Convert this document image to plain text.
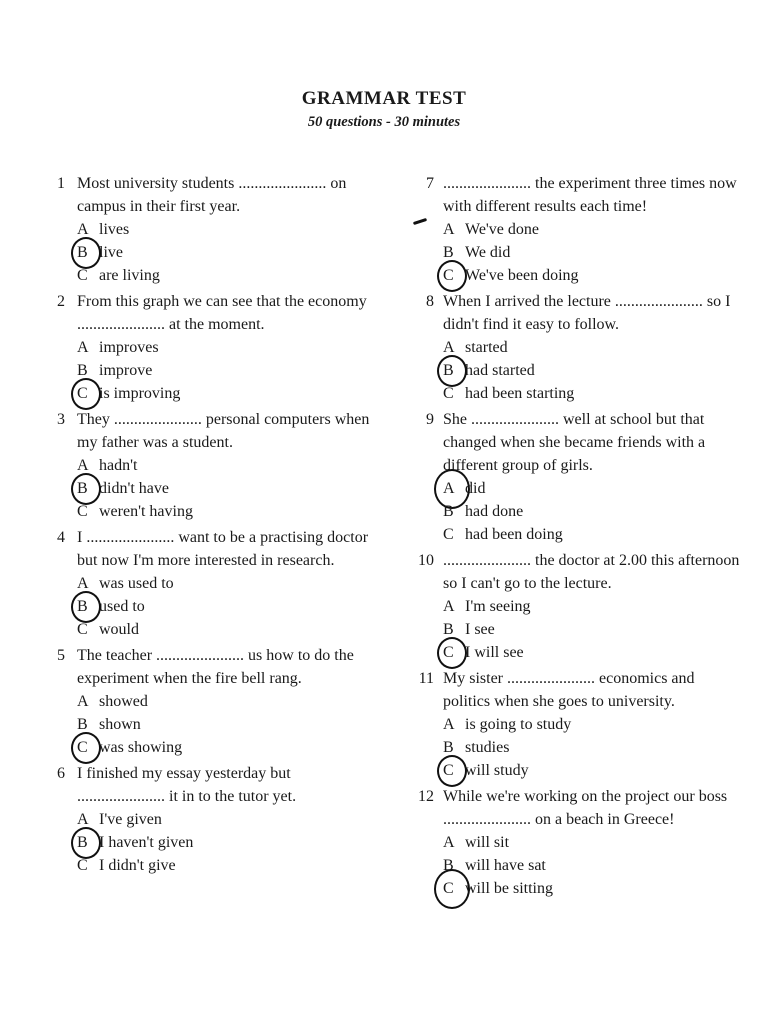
GRAMMAR TEST
50 questions - 30 minutes
1 Most university students ...................... on campus in their first year.
A lives
B live
C are living
2 From this graph we can see that the economy ...................... at the moment.
A improves
B improve
C is improving
3 They ...................... personal computers when my father was a student.
A hadn't
B didn't have
C weren't having
4 I ...................... want to be a practising doctor but now I'm more interested in research.
A was used to
B used to
C would
5 The teacher ...................... us how to do the experiment when the fire bell rang.
A showed
B shown
C was showing
6 I finished my essay yesterday but ...................... it in to the tutor yet.
A I've given
B I haven't given
C I didn't give
7 ...................... the experiment three times now with different results each time!
A We've done
B We did
C We've been doing
8 When I arrived the lecture ...................... so I didn't find it easy to follow.
A started
B had started
C had been starting
9 She ...................... well at school but that changed when she became friends with a different group of girls.
A did
B had done
C had been doing
10 ...................... the doctor at 2.00 this afternoon so I can't go to the lecture.
A I'm seeing
B I see
C I will see
11 My sister ...................... economics and politics when she goes to university.
A is going to study
B studies
C will study
12 While we're working on the project our boss ...................... on a beach in Greece!
A will sit
B will have sat
C will be sitting
